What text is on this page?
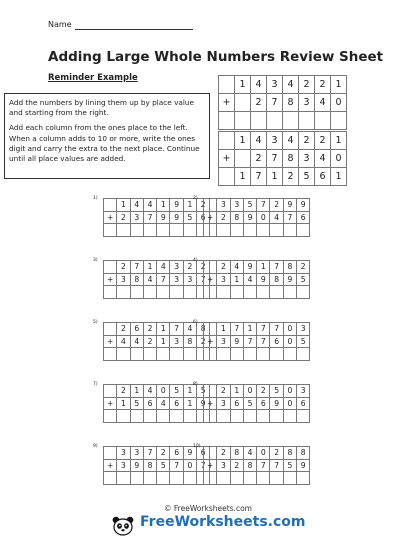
Name
Adding Large Whole Numbers Review Sheet
Reminder Example

Add the numbers by lining them up by place value and starting from the right.

Add each column from the ones place to the left. When a column adds to 10 or more, write the ones digit and carry the extra to the next place. Continue until all place values are added.

© FreeWorksheets.com
FreeWorksheets.com
	1	4	3	4	2	2	1
+		2	7	8	3	4	0

	1	4	3	4	2	2	1
+		2	7	8	3	4	0
	1	7	1	2	5	6	1
1)
	1	4	4	1	9	1	2
+	2	3	7	9	9	5	6

2)
	3	3	5	7	2	9	9
+	2	8	9	0	4	7	6

3)
	2	7	1	4	3	2	2
+	3	8	4	7	3	3	7

4)
	2	4	9	1	7	8	2
+	3	1	4	9	8	9	5

5)
	2	6	2	1	7	4	8
+	4	4	2	1	3	8	2

6)
	1	7	1	7	7	0	3
+	3	9	7	7	6	0	5

7)
	2	1	4	0	5	1	5
+	1	5	6	4	6	1	9

8)
	2	1	0	2	5	0	3
+	3	6	5	6	9	0	6

9)
	3	3	7	2	6	9	6
+	3	9	8	5	7	0	7

10)
	2	8	4	0	2	8	8
+	3	2	8	7	7	5	9
